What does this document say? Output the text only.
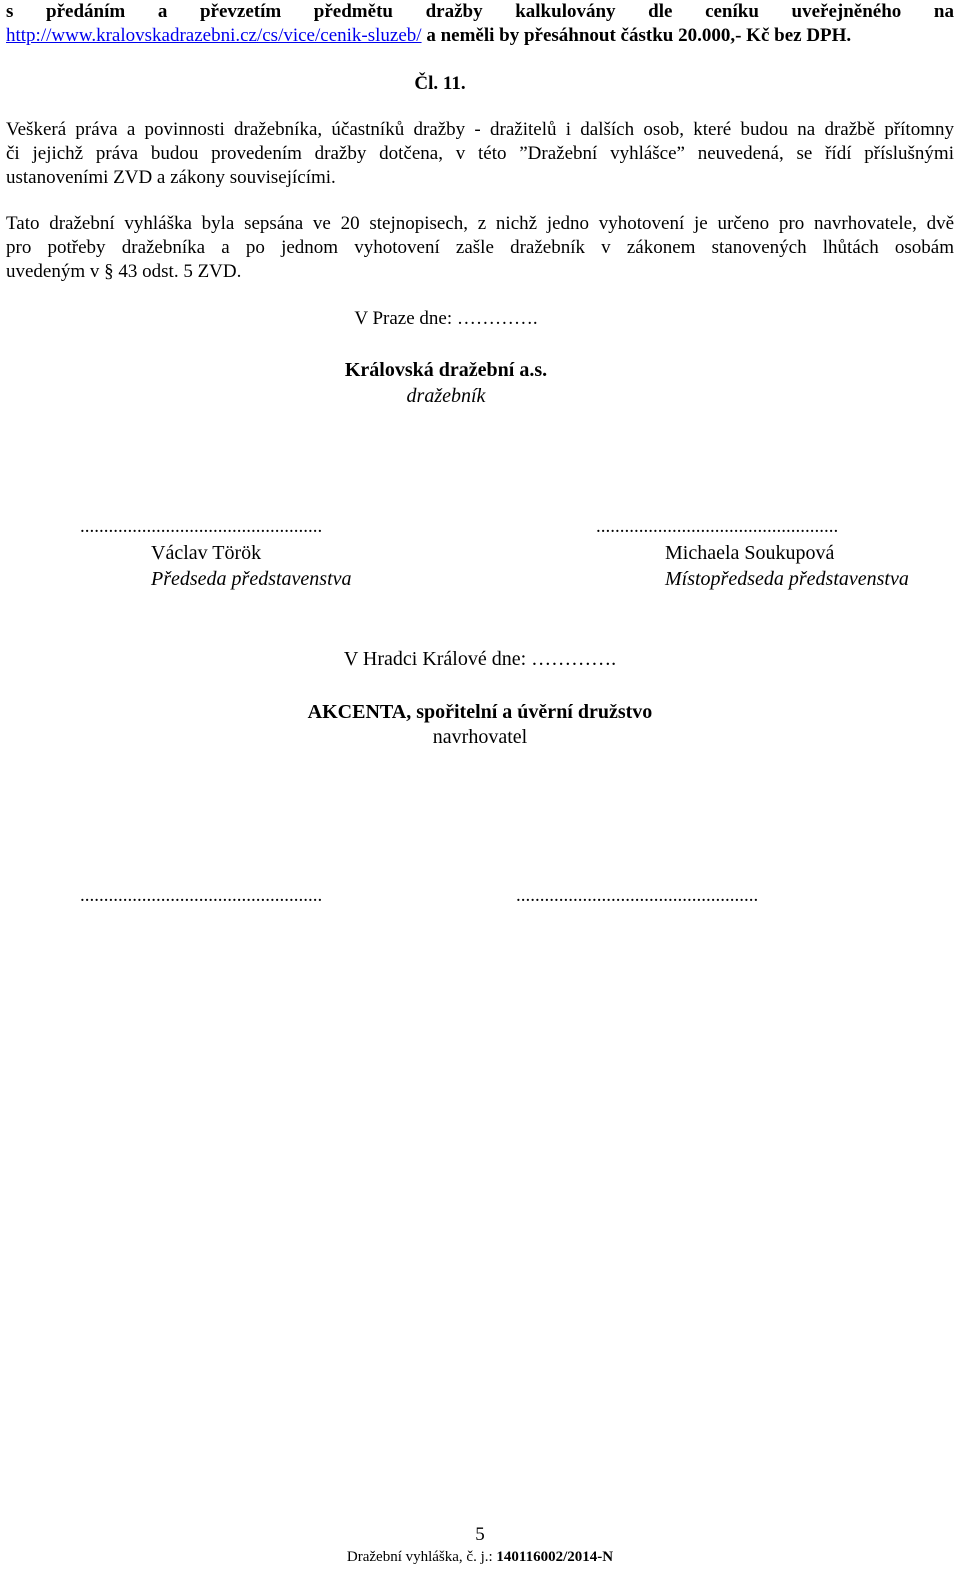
s předáním a převzetím předmětu dražby kalkulovány dle ceníku uveřejněného na
http://www.kralovskadrazebni.cz/cs/vice/cenik-sluzeb/ a neměli by přesáhnout částku 20.000,- Kč bez DPH.
Čl. 11.
Veškerá práva a povinnosti dražebníka, účastníků dražby - dražitelů i dalších osob, které budou na dražbě přítomny
či jejichž práva budou provedením dražby dotčena, v této ”Dražební vyhlášce” neuvedená, se řídí příslušnými
ustanoveními ZVD a zákony souvisejícími.
Tato dražební vyhláška byla sepsána ve 20 stejnopisech, z nichž jedno vyhotovení je určeno pro navrhovatele, dvě
pro potřeby dražebníka a po jednom vyhotovení zašle dražebník v zákonem stanovených lhůtách osobám
uvedeným v § 43 odst. 5 ZVD.
V Praze dne: ………….
Královská dražební a.s.
dražebník
...................................................
Václav Török
Předseda představenstva
...................................................
Michaela Soukupová
Místopředseda představenstva
V Hradci Králové dne: ………….
AKCENTA, spořitelní a úvěrní družstvo
navrhovatel
...................................................	...................................................
5
Dražební vyhláška, č. j.: 140116002/2014-N
